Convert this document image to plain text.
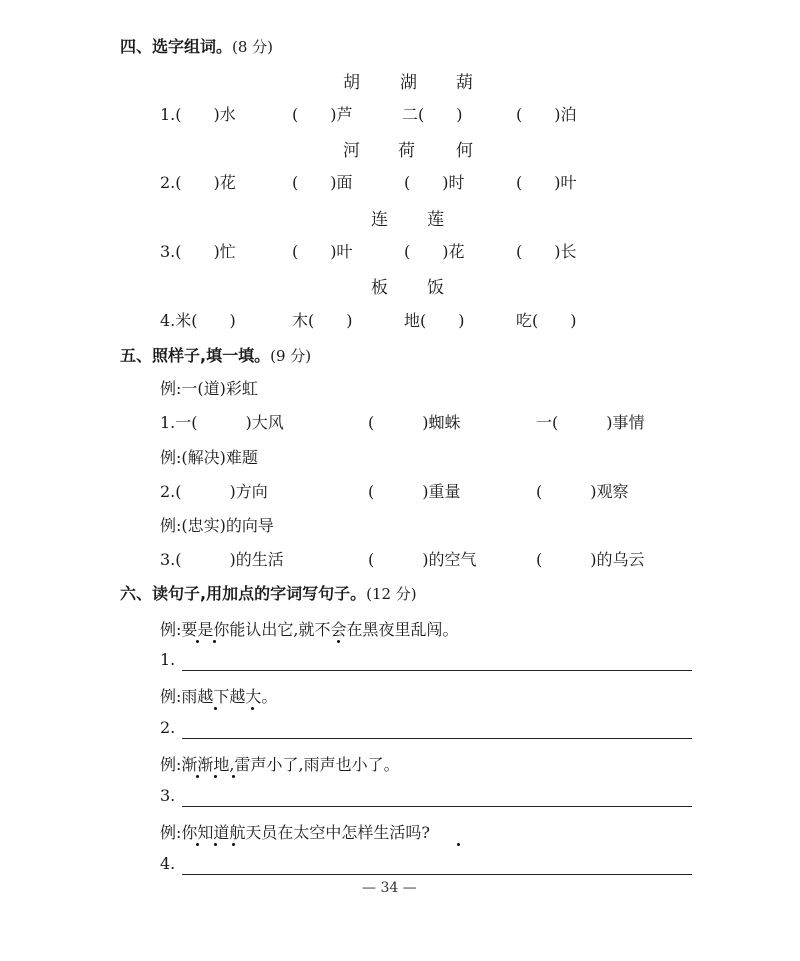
四、选字组词。(8 分)
胡 湖 葫
1.(　　)水	(　　)芦	二(　　)	(　　)泊
河 荷 何
2.(　　)花	(　　)面	(　　)时	(　　)叶
连 莲
3.(　　)忙	(　　)叶	(　　)花	(　　)长
板 饭
4.米(　　)	木(　　)	地(　　)	吃(　　)
五、照样子,填一填。(9 分)
例:一(道)彩虹
1.一(　　　)大风	(　　　)蜘蛛	一(　　　)事情
例:(解决)难题
2.(　　　)方向	(　　　)重量	(　　　)观察
例:(忠实)的向导
3.(　　　)的生活	(　　　)的空气	(　　　)的乌云
六、读句子,用加点的字词写句子。(12 分)
例:要是你能认出它,就不会在黑夜里乱闯。
1.
例:雨越下越大。
2.
例:渐渐地,雷声小了,雨声也小了。
3.
例:你知道航天员在太空中怎样生活吗?
4.
— 34 —
